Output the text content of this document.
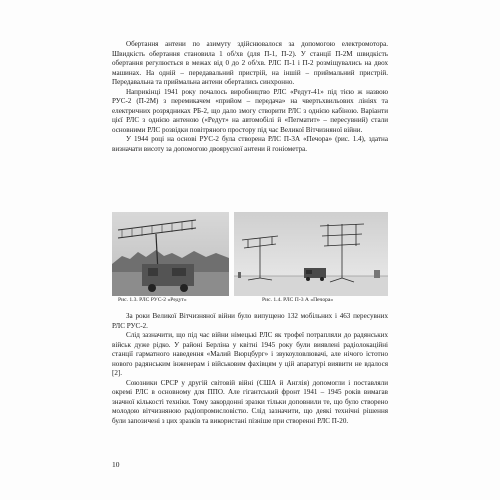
Обертання антени по азимуту здійснювалося за допомогою електромотора. Швидкість обертання становила 1 об/хв (для П-1, П-2). У станції П-2М швидкість обертання регулюється в межах від 0 до 2 об/хв. РЛС П-1 і П-2 розміщувались на двох машинах. На одній – передавальний пристрій, на іншій – приймальний пристрій. Передавальна та приймальна антени обертались синхронно.

Наприкінці 1941 року почалось виробництво РЛС «Редут-41» під тією ж назвою РУС-2 (П-2М) з перемикачем «прийом – передача» на чвертьхвильових лініях та електричних розрядниках РБ-2, що дало змогу створити РЛС з однією кабіною. Варіанти цієї РЛС з однією антеною («Редут» на автомобілі й «Пегматит» – пересувний) стали основними РЛС розвідки повітряного простору під час Великої Вітчизняної війни.

У 1944 році на основі РУС-2 була створена РЛС П-3А «Печора» (рис. 1.4), здатна визначати висоту за допомогою двоярусної антени й гоніометра.

Рис. 1.3. РЛС РУС-2 «Редут»	Рис. 1.4. РЛС П-3 А «Печора»

За роки Великої Вітчизняної війни було випущено 132 мобільних і 463 пересувних РЛС РУС-2.

Слід зазначити, що під час війни німецькі РЛС як трофеї потрапляли до радянських військ дуже рідко. У районі Берліна у квітні 1945 року були виявлені радіолокаційні станції гарматного наведення «Малий Вюрцбург» і звукоуловлювачі, але нічого істотно нового радянським інженерам і військовим фахівцям у цій апаратурі виявити не вдалося [2].

Союзники СРСР у другій світовій війні (США й Англія) допомогли і поставляли окремі РЛС в основному для ППО. Але гігантський фронт 1941 – 1945 років вимагав значної кількості техніки. Тому закордонні зразки тільки доповнили те, що було створено молодою вітчизняною радіопромисловістю. Слід зазначити, що деякі технічні рішення були запозичені з цих зразків та використані пізніше при створенні РЛС П-20.

10
